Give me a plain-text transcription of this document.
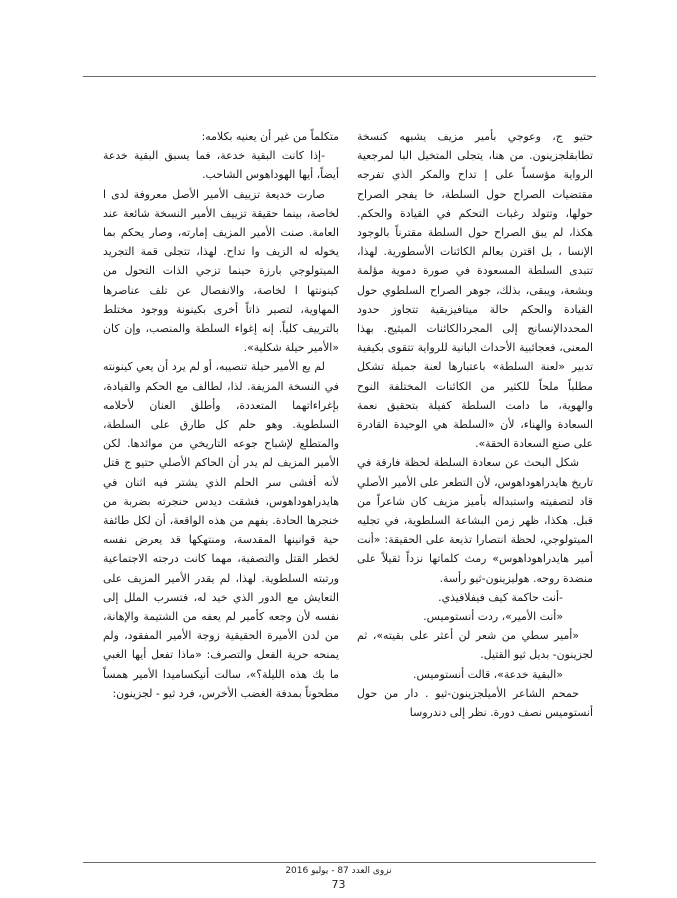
حتيو ج، وعوجي بأمير مزيف يشبهه كنسخة تطابقلجزينون. من هنا، يتجلى المتخيل البا لمرجعية الرواية مؤسساً على إ تداح والمكر الذي تفرجه مقتضيات الصراح حول السلطة، خا يفجر الصراح حولها، وتتولد رغبات التحكم في القيادة والحكم. هكذا، لم يبق الصراح حول السلطة مقترناً بالوجود الإنسا ، بل اقترن بعالم الكائنات الأسطورية. لهذا، تتبدى السلطة المسعودة في صورة دموية مؤلمة وبشعة، ويبقى، بذلك، جوهر الصراح السلطوي حول القيادة والحكم حالة ميتافيزيقية تتجاوز حدود المحددالإنسانج إلى المجردالكائنات الميثيج. بهذا المعنى، فعجائبية الأحداث البانية للرواية تتقوى بكيفية تدبير «لعنة السلطة» باعتبارها لعنة جميلة تشكل مطلباً ملحاً للكثير من الكائنات المختلفة النوح والهوية، ما دامت السلطة كفيلة بتحقيق نعمة السعادة والهناء، لأن «السلطة هي الوحيدة القادرة على صنع السعادة الحقة».

شكل البحث عن سعادة السلطة لحظة فارقة في تاريخ هايدراهوداهوس، لأن التطعر على الأمير الأصلي قاد لتصفيته واستبداله بأميز مزيف كان شاعراً من قبل. هكذا، ظهر زمن البشاعة السلطوية، في تجليه الميتولوجي، لحظة انتصارا تذيعة على الحقيقة: «أنت أمير هايدراهوداهوس» رمث كلماتها نزداً ثقيلاً على منضدة روحه. هوليزينون-ثيو رأسة.

-أنت حاكمة كيف فيفلافيذي.

«أنت الأمير»، ردت أنستوميس.

«أمير سطي من شعر لن أعثر على بقيته»، ثم لجزينون- بديل ثيو القتيل.

«البقية خدعة»، قالت أنستوميس.

حمحم الشاعر الأميلجزينون-ثيو . دار من حول أنستوميس نصف دورة. نظر إلى دندروسا

متكلماً من غير أن يعنيه بكلامه:

-إذا كانت البقية خدعة، فما يسبق البقية خدعة أيضاً، أيها الهوداهوس الشاحب.

صارت خديعة تزييف الأمير الأصل معروفة لدى ا لخاصة، بينما حقيقة تزييف الأمير النسخة شائعة عند العامة. صنت الأمير المزيف إمارته، وصار يحكم بما يخوله له الزيف وا تداح. لهذا، تتجلى قمة التجريد الميتولوجي بارزة حينما تزجي الذات التحول من كينونتها ا لخاصة، والانفصال عن تلف عناصرها المهاوية، لتصير ذاتاً أخرى بكينونة ووجود مختلط بالترييف كلياً. إنه إغواء السلطة والمنصب، وإن كان «الأمير حيلة شكلية».

لم يع الأمير حيلة تنصيبه، أو لم يرد أن يعي كينونته في النسخة المزيفة. لذا، لطالف مع الحكم والقيادة، بإغراءاتهما المتعددة، وأطلق العنان لأحلامه السلطوية. وهو حلم كل طارق على السلطة، والمتطلع لإشباح جوعه التاريخي من موائدها. لكن الأمير المزيف لم يدر أن الحاكم الأصلي حتيو ج قتل لأنه أفشى سر الحلم الذي يشتر فيه اثنان في هايدراهوداهوس، فشقت ديدس حنجرته بضربة من خنجرها الحادة. يفهم من هذه الواقعة، أن لكل طائفة حية قوانينها المقدسة، ومنتهكها قد يعرض نفسه لخطر القتل والتصفية، مهما كانت درجته الاجتماعية ورتبته السلطوية. لهذا، لم يقدر الأمير المزيف على التعايش مع الدور الذي خيد له، فتسرب الملل إلى نفسه لأن وجعه كأمير لم يعفه من الشتيمة والإهانة، من لدن الأميرة الحقيقية زوجة الأمير المفقود، ولم يمنحه حرية الفعل والتصرف: «ماذا تفعل أيها الغبي ما بك هذه الليلة؟»، سالت أنيكساميدا الأمير همساً مطحوناً بمدفة الغضب الأخرس، فرد ثيو - لجزينون:

نزوى العدد 87 - يوليو 2016
73
